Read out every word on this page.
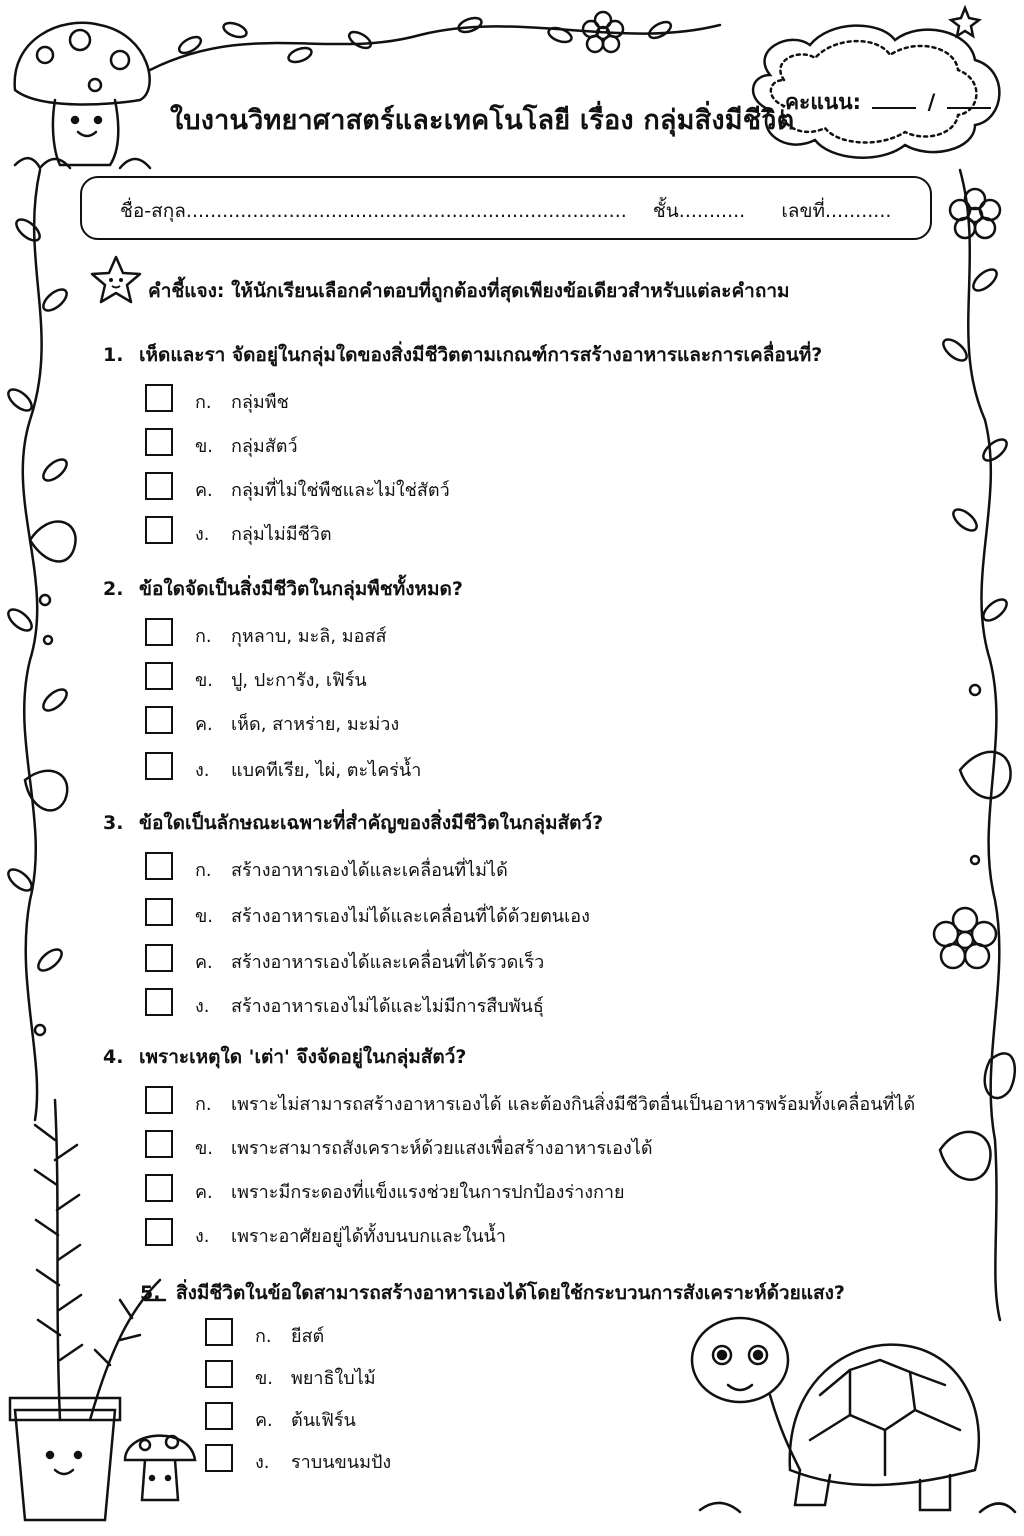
ใบงานวิทยาศาสตร์และเทคโนโลยี เรื่อง กลุ่มสิ่งมีชีวิต
คะแนน:	/
ชื่อ-สกุล......................................................................... ชั้น........... เลขที่...........
คำชี้แจง: ให้นักเรียนเลือกคำตอบที่ถูกต้องที่สุดเพียงข้อเดียวสำหรับแต่ละคำถาม
1. เห็ดและรา จัดอยู่ในกลุ่มใดของสิ่งมีชีวิตตามเกณฑ์การสร้างอาหารและการเคลื่อนที่?
ก.	กลุ่มพืช
ข. กลุ่มสัตว์
ค.	กลุ่มที่ไม่ใช่พืชและไม่ใช่สัตว์
ง.	กลุ่มไม่มีชีวิต
2. ข้อใดจัดเป็นสิ่งมีชีวิตในกลุ่มพืชทั้งหมด?
ก.	กุหลาบ, มะลิ, มอสส์
ข. ปู, ปะการัง, เฟิร์น
ค.	เห็ด, สาหร่าย, มะม่วง
ง.	แบคทีเรีย, ไผ่, ตะไคร่น้ำ
3. ข้อใดเป็นลักษณะเฉพาะที่สำคัญของสิ่งมีชีวิตในกลุ่มสัตว์?
ก.	สร้างอาหารเองได้และเคลื่อนที่ไม่ได้
ข. สร้างอาหารเองไม่ได้และเคลื่อนที่ได้ด้วยตนเอง
ค.	สร้างอาหารเองได้และเคลื่อนที่ได้รวดเร็ว
ง.	สร้างอาหารเองไม่ได้และไม่มีการสืบพันธุ์
4. เพราะเหตุใด 'เต่า' จึงจัดอยู่ในกลุ่มสัตว์?
ก.	เพราะไม่สามารถสร้างอาหารเองได้ และต้องกินสิ่งมีชีวิตอื่นเป็นอาหารพร้อมทั้งเคลื่อนที่ได้
ข. เพราะสามารถสังเคราะห์ด้วยแสงเพื่อสร้างอาหารเองได้
ค.	เพราะมีกระดองที่แข็งแรงช่วยในการปกป้องร่างกาย
ง.	เพราะอาศัยอยู่ได้ทั้งบนบกและในน้ำ
5. สิ่งมีชีวิตในข้อใดสามารถสร้างอาหารเองได้โดยใช้กระบวนการสังเคราะห์ด้วยแสง?
ก.	ยีสต์
ข. พยาธิใบไม้
ค.	ต้นเฟิร์น
ง.	ราบนขนมปัง
